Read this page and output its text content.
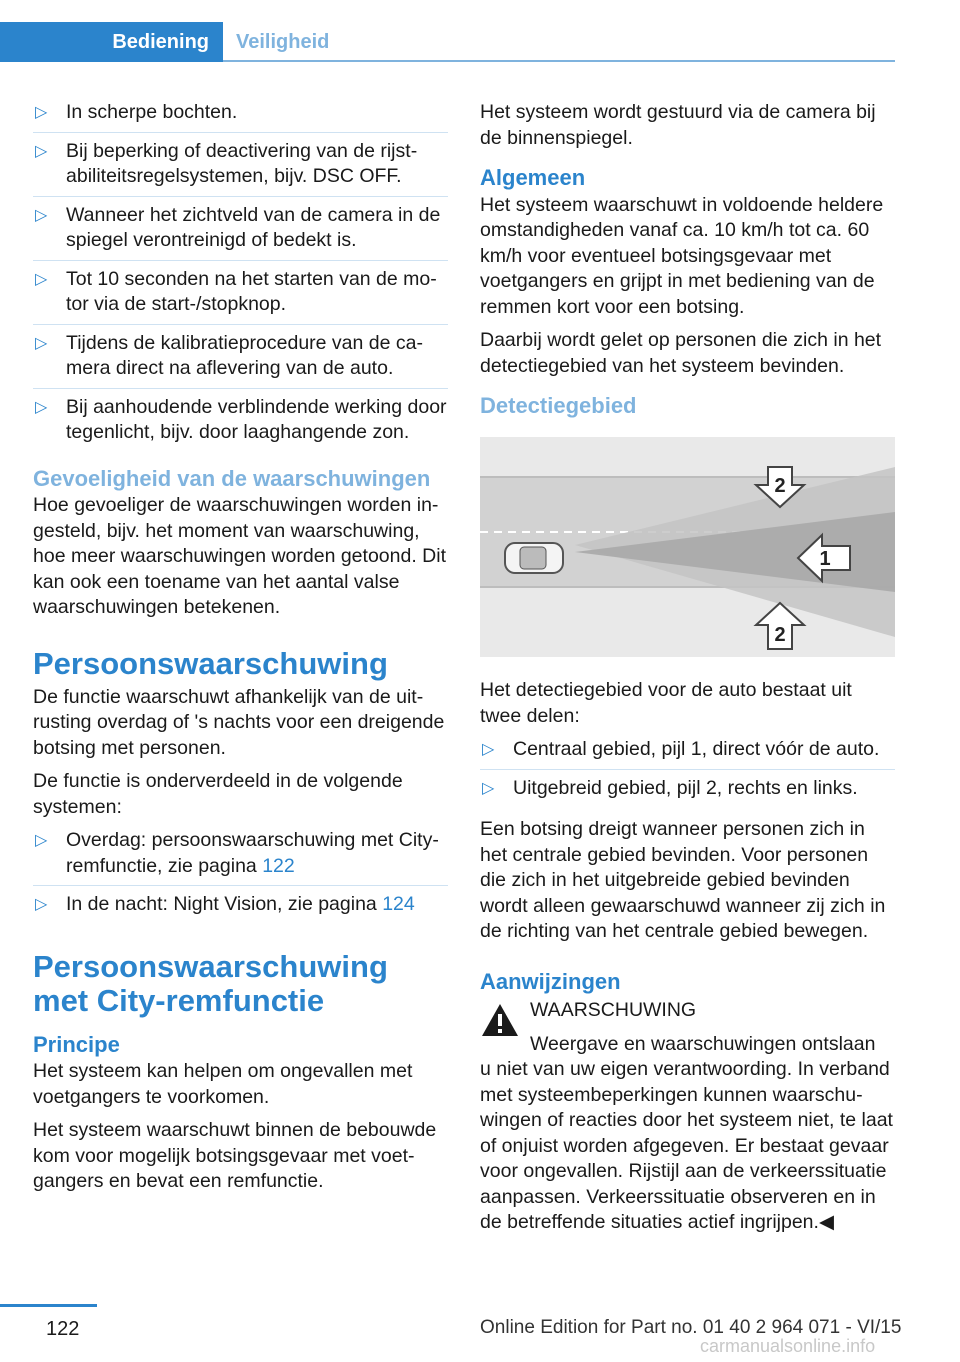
Bediening	Veiligheid
▷ In scherpe bochten.
▷ Bij beperking of deactivering van de rijstabiliteitsregelsystemen, bijv. DSC OFF.
▷ Wanneer het zichtveld van de camera in de spiegel verontreinigd of bedekt is.
▷ Tot 10 seconden na het starten van de motor via de start-/stopknop.
▷ Tijdens de kalibratieprocedure van de camera direct na aflevering van de auto.
▷ Bij aanhoudende verblindende werking door tegenlicht, bijv. door laaghangende zon.
Gevoeligheid van de waarschuwingen

Hoe gevoeliger de waarschuwingen worden ingesteld, bijv. het moment van waarschuwing, hoe meer waarschuwingen worden getoond. Dit kan ook een toename van het aantal valse waarschuwingen betekenen.

Persoonswaarschuwing

De functie waarschuwt afhankelijk van de uitrusting overdag of 's nachts voor een dreigende botsing met personen.

De functie is onderverdeeld in de volgende systemen:

▷ Overdag: persoonswaarschuwing met City-remfunctie, zie pagina 122
▷ In de nacht: Night Vision, zie pagina 124
Persoonswaarschuwing met City-remfunctie
Principe

Het systeem kan helpen om ongevallen met voetgangers te voorkomen.

Het systeem waarschuwt binnen de bebouwde kom voor mogelijk botsingsgevaar met voetgangers en bevat een remfunctie.

Het systeem wordt gestuurd via de camera bij de binnenspiegel.

Algemeen

Het systeem waarschuwt in voldoende heldere omstandigheden vanaf ca. 10 km/h tot ca. 60 km/h voor eventueel botsingsgevaar met voetgangers en grijpt in met bediening van de remmen kort voor een botsing.

Daarbij wordt gelet op personen die zich in het detectiegebied van het systeem bevinden.

Detectiegebied
2
1
2

Het detectiegebied voor de auto bestaat uit twee delen:

▷ Centraal gebied, pijl 1, direct vóór de auto.
▷ Uitgebreid gebied, pijl 2, rechts en links.

Een botsing dreigt wanneer personen zich in het centrale gebied bevinden. Voor personen die zich in het uitgebreide gebied bevinden wordt alleen gewaarschuwd wanneer zij zich in de richting van het centrale gebied bewegen.

Aanwijzingen

WAARSCHUWING

Weergave en waarschuwingen ontslaan

u niet van uw eigen verantwoording. In verband met systeembeperkingen kunnen waarschuwingen of reacties door het systeem niet, te laat of onjuist worden afgegeven. Er bestaat gevaar voor ongevallen. Rijstijl aan de verkeerssituatie aanpassen. Verkeerssituatie observeren en in de betreffende situaties actief ingrijpen.◀

122	Online Edition for Part no. 01 40 2 964 071 - VI/15
carmanualsonline.info
